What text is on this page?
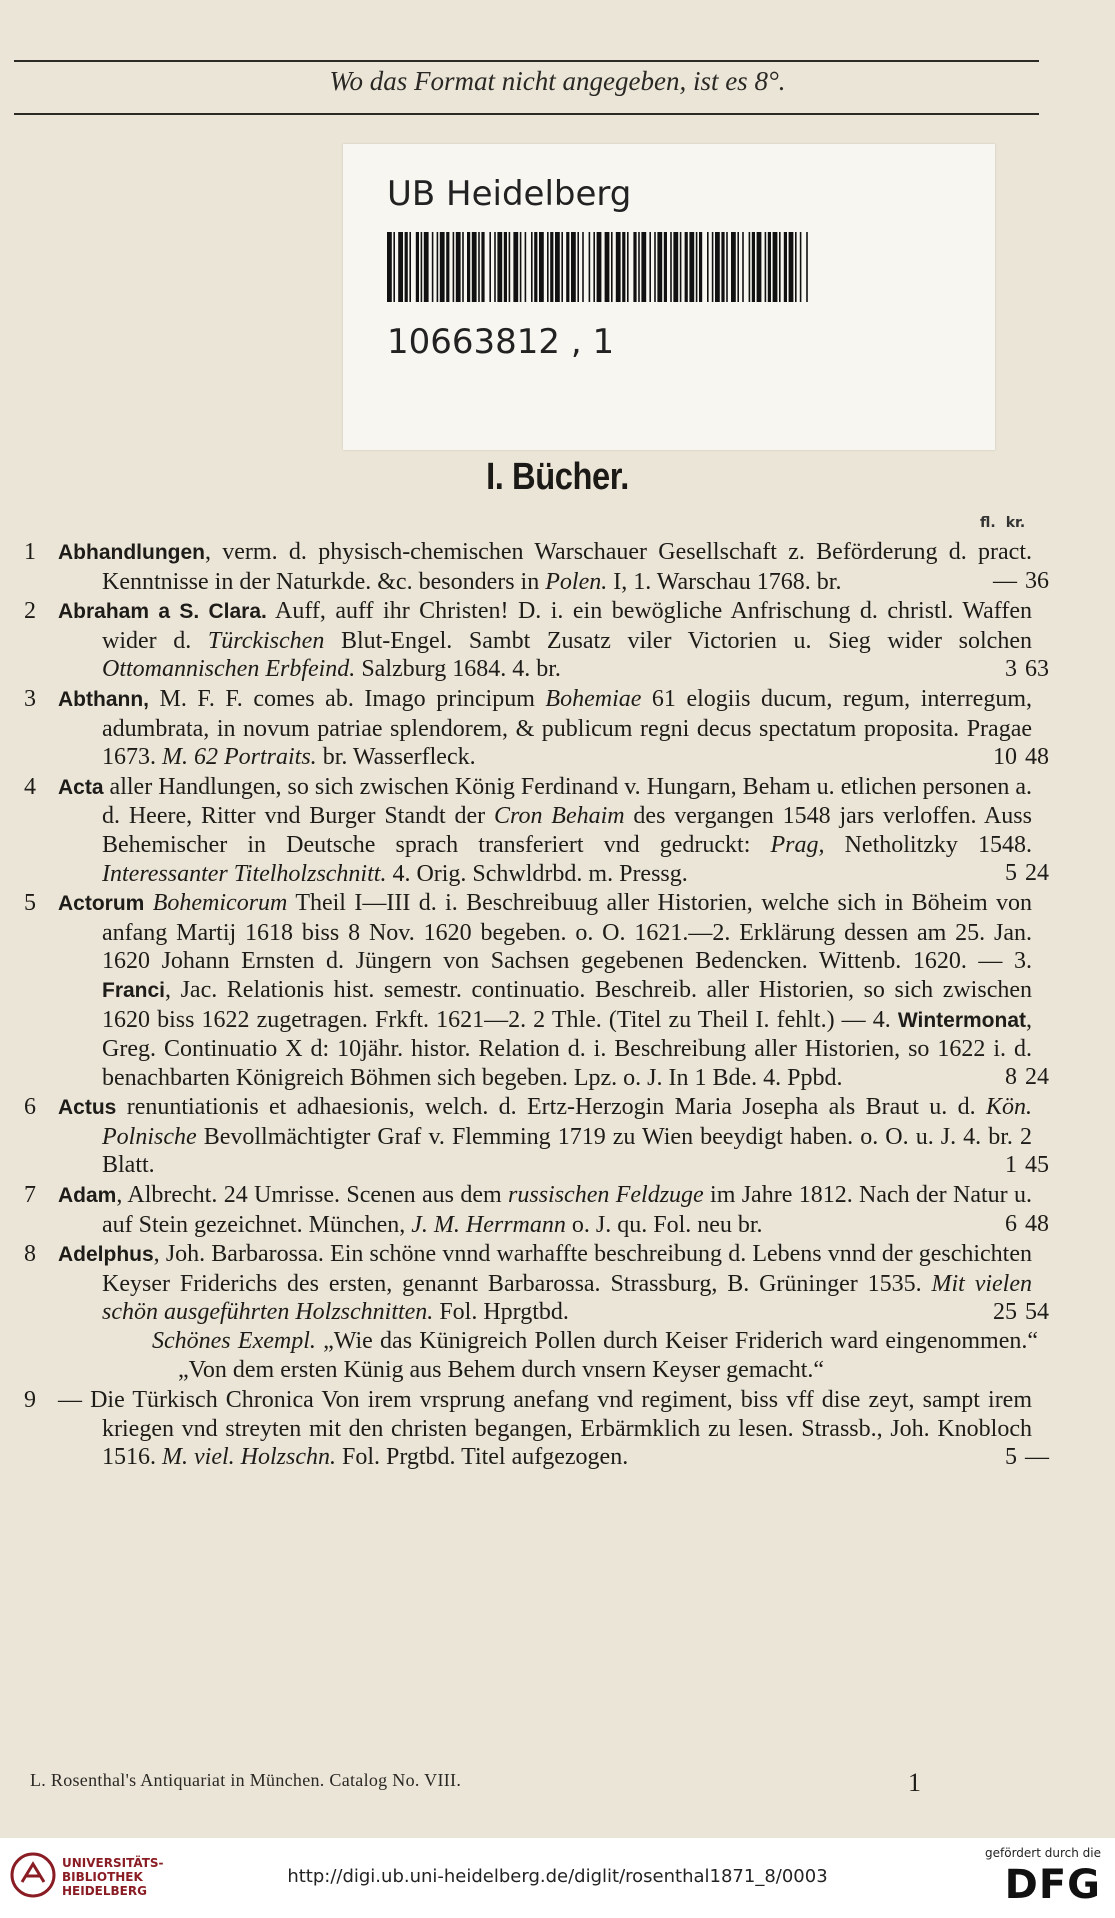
Wo das Format nicht angegeben, ist es 8°.
UB Heidelberg
10663812 , 1
I. Bücher.
fl. kr.
1	Abhandlungen, verm. d. physisch-chemischen Warschauer Gesellschaft z. Beförderung d. pract. Kenntnisse in der Naturkde. &c. besonders in Polen. I, 1. Warschau 1768. br.	— 36
2	Abraham a S. Clara. Auff, auff ihr Christen! D. i. ein bewögliche Anfrischung d. christl. Waffen wider d. Türckischen Blut-Engel. Sambt Zusatz viler Victorien u. Sieg wider solchen Ottomannischen Erbfeind. Salzburg 1684. 4. br.	3 63
3	Abthann, M. F. F. comes ab. Imago principum Bohemiae 61 elogiis ducum, regum, interregum, adumbrata, in novum patriae splendorem, & publicum regni decus spectatum proposita. Pragae 1673. M. 62 Portraits. br. Wasserfleck.	10 48
4	Acta aller Handlungen, so sich zwischen König Ferdinand v. Hungarn, Beham u. etlichen personen a. d. Heere, Ritter vnd Burger Standt der Cron Behaim des vergangen 1548 jars verloffen. Auss Behemischer in Deutsche sprach transferiert vnd gedruckt: Prag, Netholitzky 1548. Interessanter Titelholzschnitt. 4. Orig. Schwldrbd. m. Pressg.	5 24
5	Actorum Bohemicorum Theil I—III d. i. Beschreibuug aller Historien, welche sich in Böheim von anfang Martij 1618 biss 8 Nov. 1620 begeben. o. O. 1621.—2. Erklärung dessen am 25. Jan. 1620 Johann Ernsten d. Jüngern von Sachsen gegebenen Bedencken. Wittenb. 1620. — 3. Franci, Jac. Relationis hist. semestr. continuatio. Beschreib. aller Historien, so sich zwischen 1620 biss 1622 zugetragen. Frkft. 1621—2. 2 Thle. (Titel zu Theil I. fehlt.) — 4. Wintermonat, Greg. Continuatio X d: 10jähr. histor. Relation d. i. Beschreibung aller Historien, so 1622 i. d. benachbarten Königreich Böhmen sich begeben. Lpz. o. J. In 1 Bde. 4. Ppbd.	8 24
6	Actus renuntiationis et adhaesionis, welch. d. Ertz-Herzogin Maria Josepha als Braut u. d. Kön. Polnische Bevollmächtigter Graf v. Flemming 1719 zu Wien beeydigt haben. o. O. u. J. 4. br. 2 Blatt.	1 45
7	Adam, Albrecht. 24 Umrisse. Scenen aus dem russischen Feldzuge im Jahre 1812. Nach der Natur u. auf Stein gezeichnet. München, J. M. Herrmann o. J. qu. Fol. neu br.	6 48
8	Adelphus, Joh. Barbarossa. Ein schöne vnnd warhaffte beschreibung d. Lebens vnnd der geschichten Keyser Friderichs des ersten, genannt Barbarossa. Strassburg, B. Grüninger 1535. Mit vielen schön ausgeführten Holzschnitten. Fol. Hprgtbd.	25 54
Schönes Exempl. „Wie das Künigreich Pollen durch Keiser Friderich ward eingenommen.“ „Von dem ersten Künig aus Behem durch vnsern Keyser gemacht.“
9 — Die Türkisch Chronica Von irem vrsprung anefang vnd regiment, biss vff dise zeyt, sampt irem kriegen vnd streyten mit den christen begangen, Erbärmklich zu lesen. Strassb., Joh. Knobloch 1516. M. viel. Holzschn. Fol. Prgtbd. Titel aufgezogen.	5 —
L. Rosenthal's Antiquariat in München. Catalog No. VIII.	1
UNIVERSITÄTS-
BIBLIOTHEK
HEIDELBERG
http://digi.ub.uni-heidelberg.de/diglit/rosenthal1871_8/0003
gefördert durch die
DFG
